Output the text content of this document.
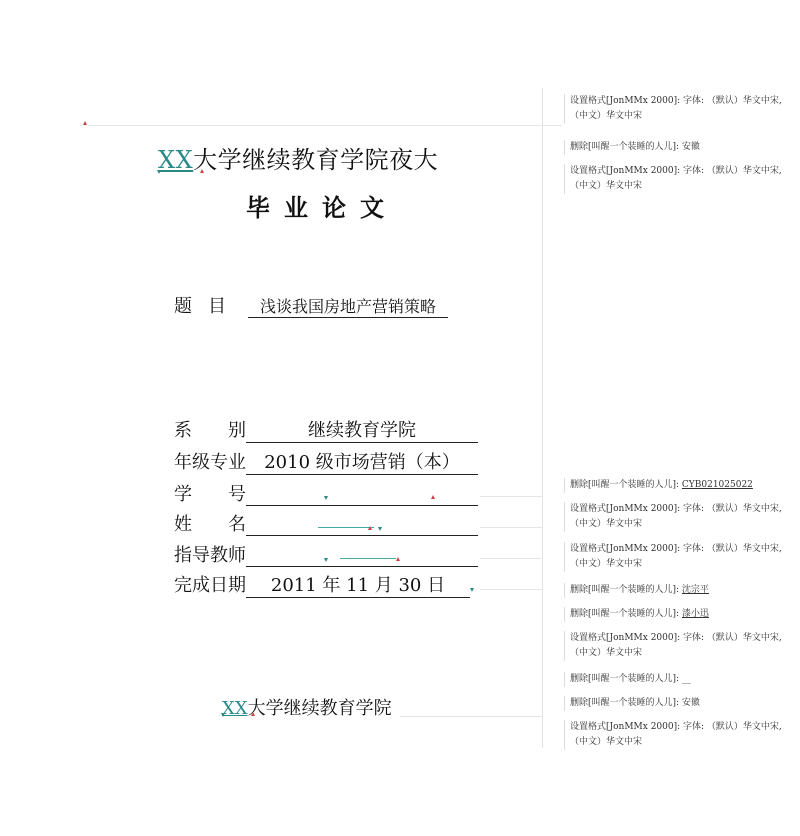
XX大学继续教育学院夜大
毕业论文
题目 浅谈我国房地产营销策略
系别	继续教育学院
年级专业 2010 级市场营销（本）
学号
姓名
指导教师
完成日期 2011 年 11 月 30 日
XX大学继续教育学院
设置格式[JonMMx 2000]: 字体: （默认）华文中宋, （中文）华文中宋
删除[叫醒一个装睡的人儿]: 安徽
设置格式[JonMMx 2000]: 字体: （默认）华文中宋, （中文）华文中宋
删除[叫醒一个装睡的人儿]: CYB021025022
设置格式[JonMMx 2000]: 字体: （默认）华文中宋, （中文）华文中宋
设置格式[JonMMx 2000]: 字体: （默认）华文中宋, （中文）华文中宋
删除[叫醒一个装睡的人儿]: 沈宗平
删除[叫醒一个装睡的人儿]: 漆小迅
设置格式[JonMMx 2000]: 字体: （默认）华文中宋, （中文）华文中宋
删除[叫醒一个装睡的人儿]: __
删除[叫醒一个装睡的人儿]: 安徽
设置格式[JonMMx 2000]: 字体: （默认）华文中宋, （中文）华文中宋
